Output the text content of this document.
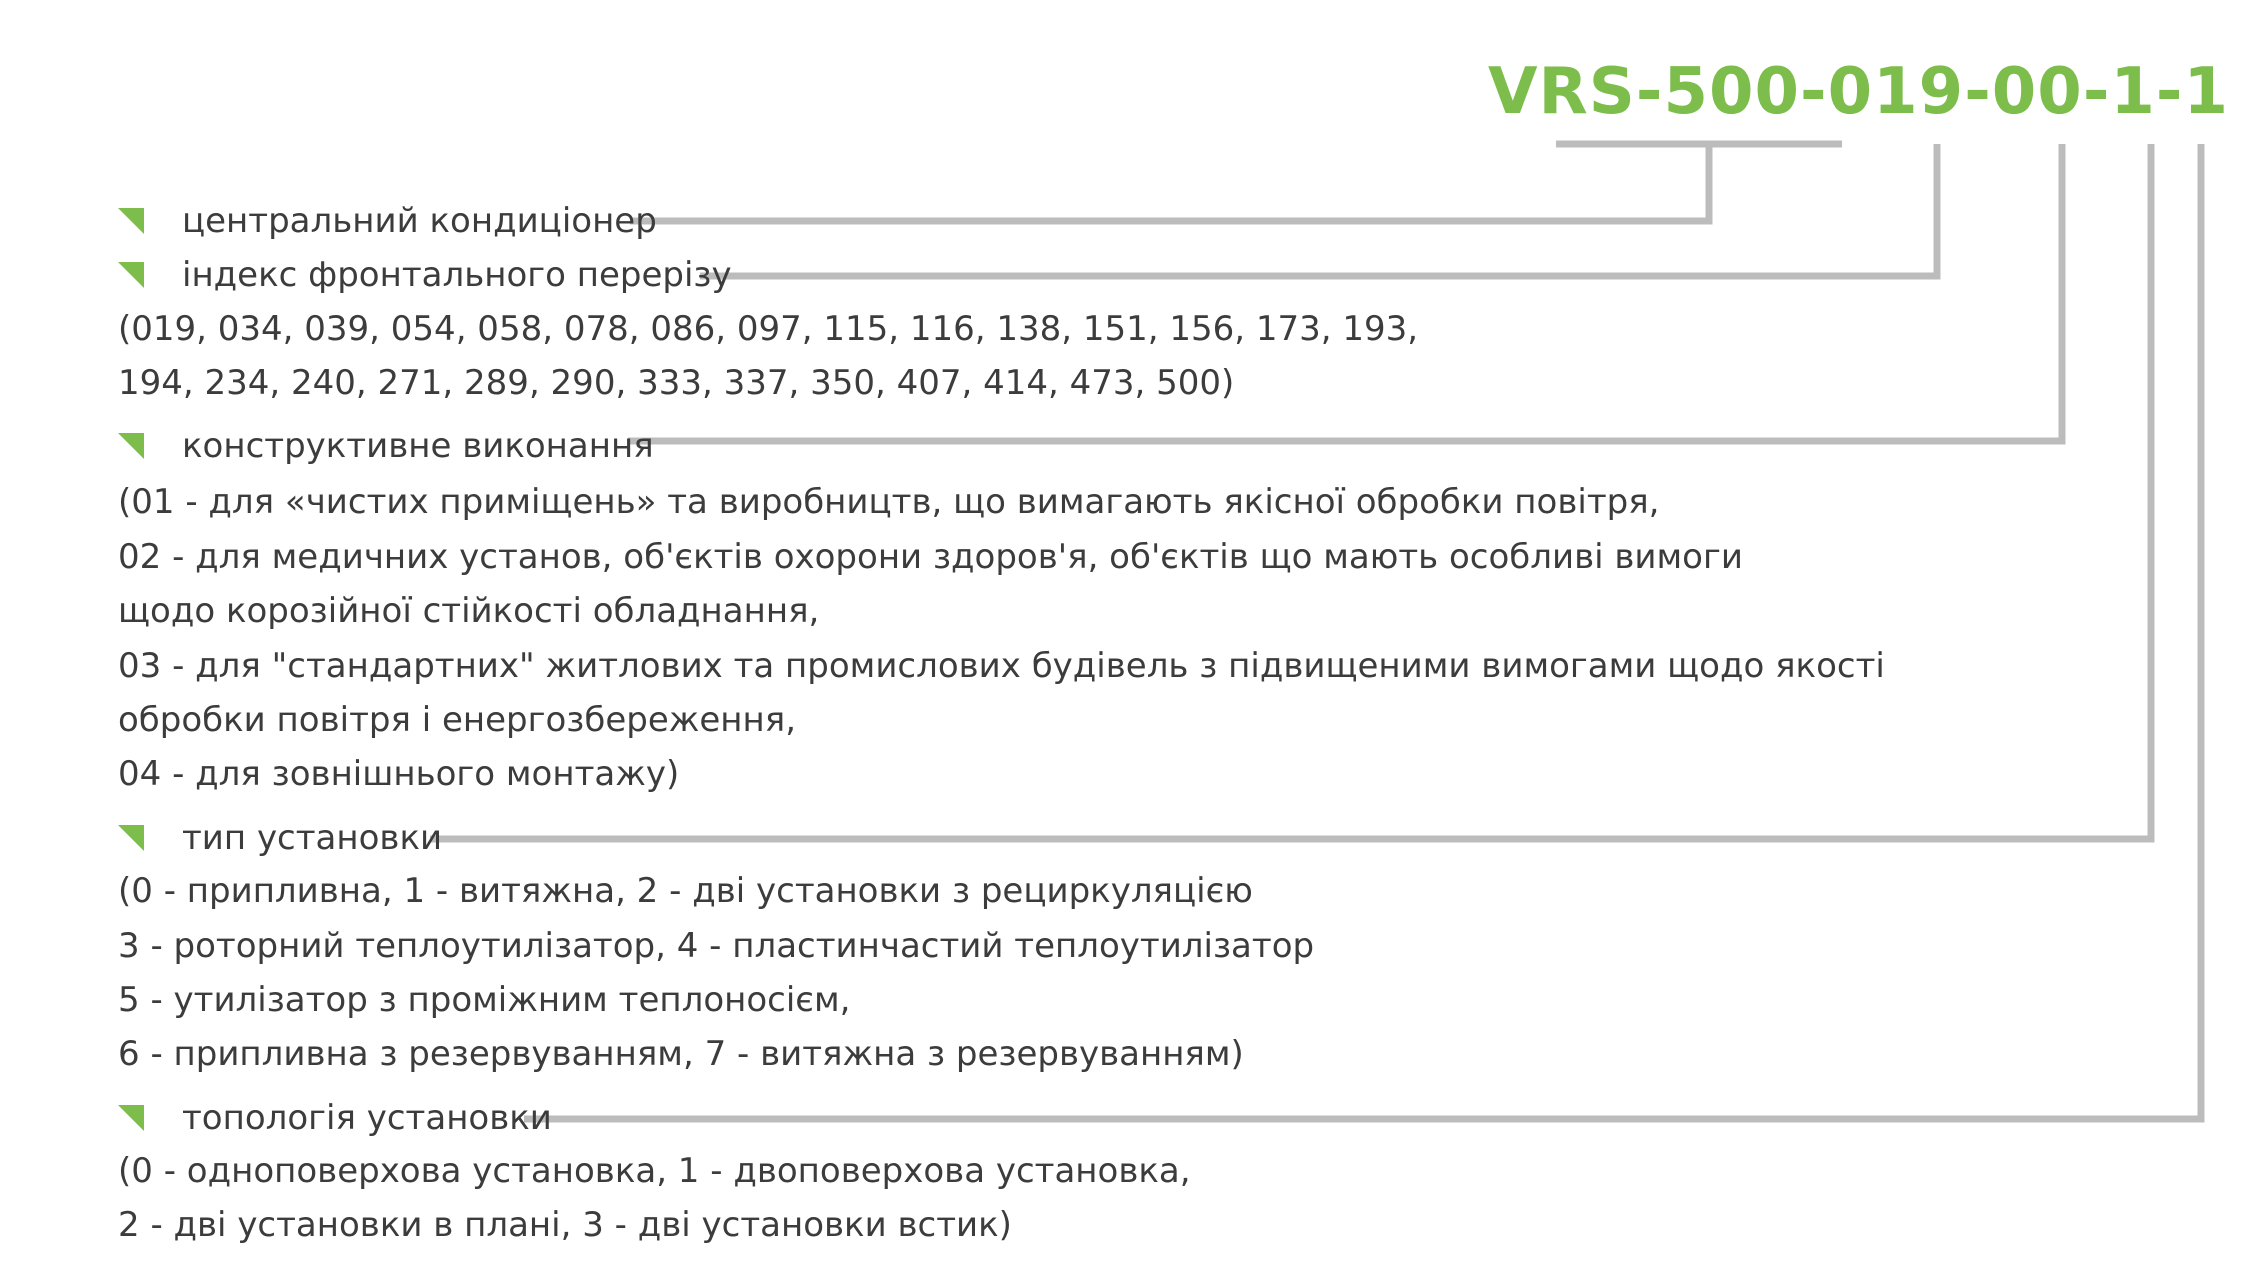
VRS-500-019-00-1-1
центральний кондиціонер
індекс фронтального перерізу
(019, 034, 039, 054, 058, 078, 086, 097, 115, 116, 138, 151, 156, 173, 193,
194, 234, 240, 271, 289, 290, 333, 337, 350, 407, 414, 473, 500)
конструктивне виконання
(01 - для «чистих приміщень» та виробництв, що вимагають якісної обробки повітря,
02 - для медичних установ, об'єктів охорони здоров'я, об'єктів що мають особливі вимоги
щодо корозійної стійкості обладнання,
03 - для "стандартних" житлових та промислових будівель з підвищеними вимогами щодо якості
обробки повітря і енергозбереження,
04 - для зовнішнього монтажу)
тип установки
(0 - припливна, 1 - витяжна, 2 - дві установки з рециркуляцією
3 - роторний теплоутилізатор, 4 - пластинчастий теплоутилізатор
5 - утилізатор з проміжним теплоносієм,
6 - припливна з резервуванням, 7 - витяжна з резервуванням)
топологія установки
(0 - одноповерхова установка, 1 - двоповерхова установка,
2 - дві установки в плані, 3 - дві установки встик)
